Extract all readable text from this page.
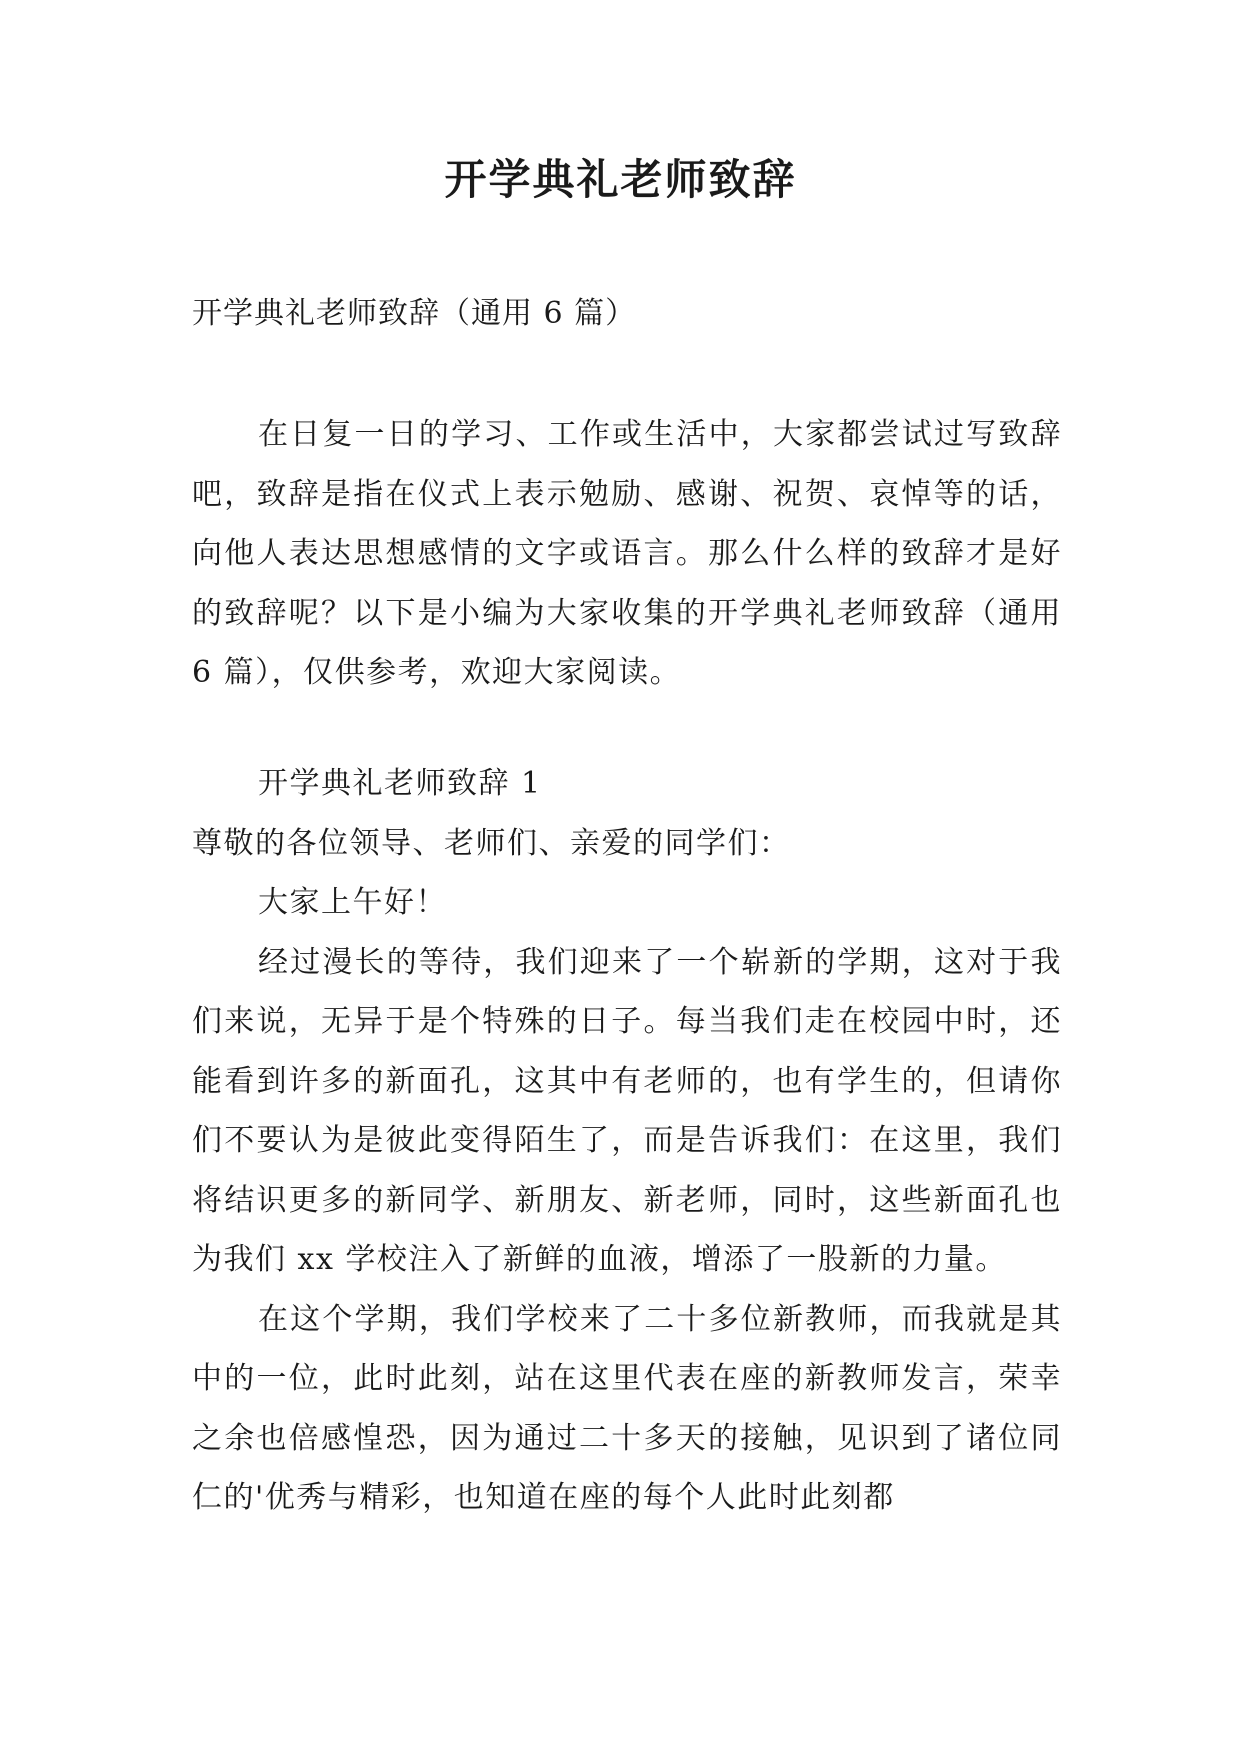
开学典礼老师致辞
开学典礼老师致辞（通用 6 篇）

在日复一日的学习、工作或生活中，大家都尝试过写致辞吧，致辞是指在仪式上表示勉励、感谢、祝贺、哀悼等的话，向他人表达思想感情的文字或语言。那么什么样的致辞才是好的致辞呢？以下是小编为大家收集的开学典礼老师致辞（通用 6 篇），仅供参考，欢迎大家阅读。

开学典礼老师致辞 1

尊敬的各位领导、老师们、亲爱的同学们：

大家上午好！

经过漫长的等待，我们迎来了一个崭新的学期，这对于我们来说，无异于是个特殊的日子。每当我们走在校园中时，还能看到许多的新面孔，这其中有老师的，也有学生的，但请你们不要认为是彼此变得陌生了，而是告诉我们：在这里，我们将结识更多的新同学、新朋友、新老师，同时，这些新面孔也为我们 xx 学校注入了新鲜的血液，增添了一股新的力量。

在这个学期，我们学校来了二十多位新教师，而我就是其中的一位，此时此刻，站在这里代表在座的新教师发言，荣幸之余也倍感惶恐，因为通过二十多天的接触，见识到了诸位同仁的'优秀与精彩，也知道在座的每个人此时此刻都
